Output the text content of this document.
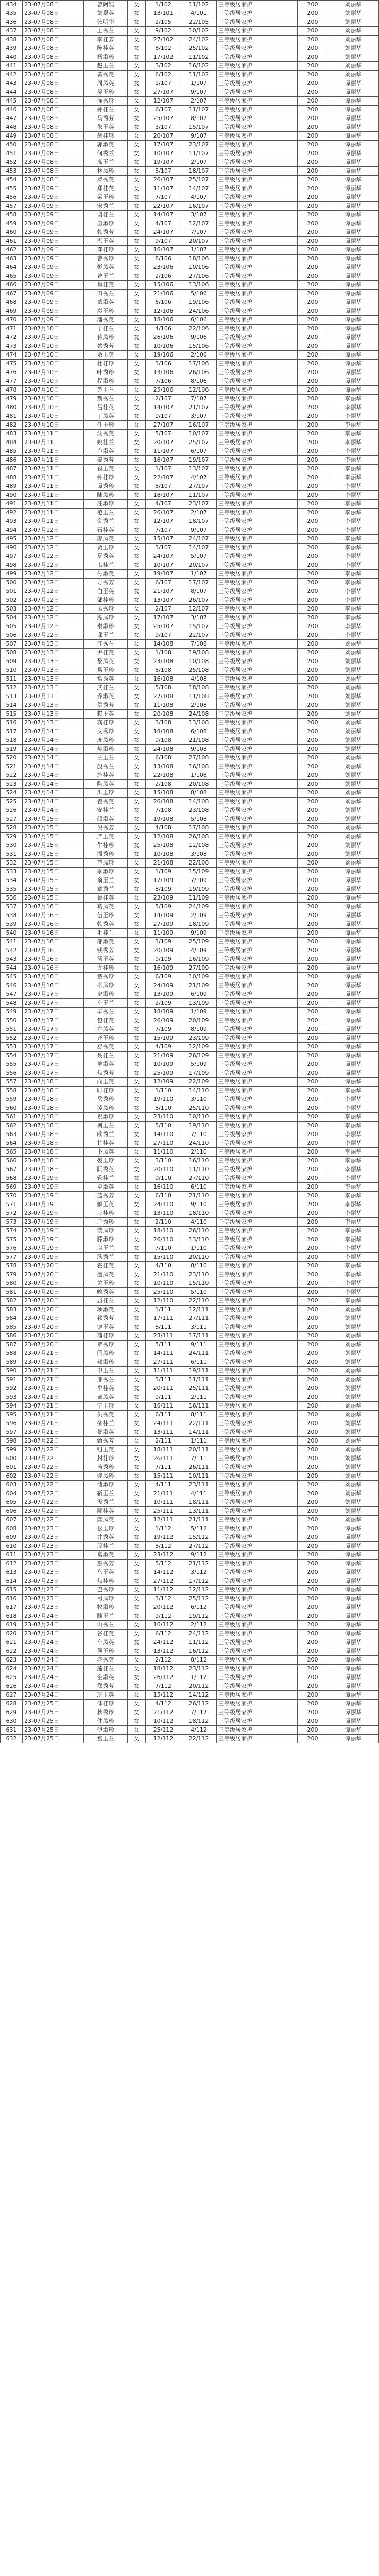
434	23-07月08日	曾阿姨	女	1/102	11/102	三等级居家护	200	刘丽华
435	23-07月08日	刘翠英	女	13/101	4/101	三等级居家护	200	刘丽华
436	23-07月08日	张明华	女	2/105	22/105	三等级居家护	200	刘丽华
437	23-07月08日	王秀兰	女	9/102	10/102	三等级居家护	200	刘丽华
438	23-07月08日	李桂芳	女	27/102	24/102	三等级居家护	200	刘丽华
439	23-07月08日	陈桂英	女	8/102	25/102	三等级居家护	200	刘丽华
440	23-07月08日	杨淑珍	女	17/102	11/102	三等级居家护	200	刘丽华
441	23-07月08日	赵玉兰	女	3/102	16/102	三等级居家护	200	刘丽华
442	23-07月08日	黄秀英	女	6/102	11/102	三等级居家护	200	刘丽华
443	23-07月08日	周凤英	女	1/107	1/107	三等级居家护	200	谭丽华
444	23-07月08日	吴玉珍	女	27/107	9/107	三等级居家护	200	谭丽华
445	23-07月08日	徐秀珍	女	12/107	2/107	三等级居家护	200	谭丽华
446	23-07月08日	孙桂兰	女	6/107	11/107	三等级居家护	200	谭丽华
447	23-07月08日	马秀芳	女	25/107	8/107	三等级居家护	200	谭丽华
448	23-07月08日	朱玉英	女	3/107	15/107	三等级居家护	200	谭丽华
449	23-07月08日	胡桂珍	女	20/107	9/107	三等级居家护	200	谭丽华
450	23-07月08日	郭淑英	女	17/107	23/107	三等级居家护	200	谭丽华
451	23-07月08日	何秀兰	女	10/107	11/107	三等级居家护	200	谭丽华
452	23-07月08日	高玉兰	女	19/107	2/107	三等级居家护	200	谭丽华
453	23-07月08日	林凤珍	女	5/107	18/107	三等级居家护	200	谭丽华
454	23-07月08日	罗秀英	女	26/107	25/107	三等级居家护	200	谭丽华
455	23-07月09日	郑桂英	女	11/107	14/107	三等级居家护	200	谭丽华
456	23-07月09日	梁玉珍	女	7/107	4/107	三等级居家护	200	谭丽华
457	23-07月09日	宋秀兰	女	22/107	16/107	三等级居家护	200	谭丽华
458	23-07月09日	谢桂兰	女	14/107	3/107	三等级居家护	200	谭丽华
459	23-07月09日	唐淑珍	女	4/107	12/107	三等级居家护	200	谭丽华
460	23-07月09日	韩秀芳	女	24/107	7/107	三等级居家护	200	谭丽华
461	23-07月09日	冯玉英	女	9/107	20/107	三等级居家护	200	谭丽华
462	23-07月09日	邓桂珍	女	16/107	1/107	三等级居家护	200	谭丽华
463	23-07月09日	曹秀珍	女	8/106	18/106	三等级居家护	200	谭丽华
464	23-07月09日	彭凤英	女	23/106	10/106	三等级居家护	200	谭丽华
465	23-07月09日	曾玉兰	女	2/106	27/106	三等级居家护	200	谭丽华
466	23-07月09日	肖桂英	女	15/106	13/106	三等级居家护	200	谭丽华
467	23-07月09日	田秀兰	女	21/106	5/106	三等级居家护	200	谭丽华
468	23-07月09日	董淑英	女	6/106	19/106	三等级居家护	200	谭丽华
469	23-07月09日	袁玉珍	女	12/106	24/106	三等级居家护	200	谭丽华
470	23-07月09日	潘秀英	女	18/106	6/106	三等级居家护	200	谭丽华
471	23-07月10日	于桂兰	女	4/106	22/106	三等级居家护	200	谭丽华
472	23-07月10日	蒋凤珍	女	26/106	9/106	三等级居家护	200	谭丽华
473	23-07月10日	蔡秀芳	女	10/106	15/106	三等级居家护	200	谭丽华
474	23-07月10日	余玉英	女	19/106	2/106	三等级居家护	200	谭丽华
475	23-07月10日	杜桂珍	女	3/106	17/106	三等级居家护	200	谭丽华
476	23-07月10日	叶秀珍	女	13/106	26/106	三等级居家护	200	谭丽华
477	23-07月10日	程淑珍	女	7/106	8/106	三等级居家护	200	谭丽华
478	23-07月10日	苏玉兰	女	25/106	12/106	三等级居家护	200	谭丽华
479	23-07月10日	魏秀兰	女	2/107	7/107	三等级居家护	200	李丽华
480	23-07月10日	吕桂英	女	14/107	21/107	三等级居家护	200	李丽华
481	23-07月10日	丁凤英	女	9/107	3/107	三等级居家护	200	李丽华
482	23-07月10日	任玉珍	女	27/107	16/107	三等级居家护	200	李丽华
483	23-07月11日	沈秀英	女	5/107	10/107	三等级居家护	200	李丽华
484	23-07月11日	姚桂兰	女	20/107	25/107	三等级居家护	200	李丽华
485	23-07月11日	卢淑英	女	11/107	6/107	三等级居家护	200	李丽华
486	23-07月11日	姜秀芳	女	16/107	19/107	三等级居家护	200	李丽华
487	23-07月11日	崔玉英	女	1/107	13/107	三等级居家护	200	李丽华
488	23-07月11日	钟桂珍	女	22/107	4/107	三等级居家护	200	李丽华
489	23-07月11日	谭秀珍	女	8/107	27/107	三等级居家护	200	李丽华
490	23-07月11日	陆凤珍	女	18/107	11/107	三等级居家护	200	李丽华
491	23-07月11日	汪淑珍	女	4/107	23/107	三等级居家护	200	李丽华
492	23-07月11日	范玉兰	女	26/107	2/107	三等级居家护	200	李丽华
493	23-07月11日	金秀兰	女	12/107	18/107	三等级居家护	200	李丽华
494	23-07月12日	石桂英	女	7/107	9/107	三等级居家护	200	李丽华
495	23-07月12日	廖凤英	女	15/107	24/107	三等级居家护	200	李丽华
496	23-07月12日	贾玉珍	女	3/107	14/107	三等级居家护	200	李丽华
497	23-07月12日	夏秀英	女	24/107	5/107	三等级居家护	200	李丽华
498	23-07月12日	韦桂兰	女	10/107	20/107	三等级居家护	200	李丽华
499	23-07月12日	付淑英	女	19/107	1/107	三等级居家护	200	李丽华
500	23-07月12日	方秀芳	女	6/107	17/107	三等级居家护	200	李丽华
501	23-07月12日	白玉英	女	21/107	8/107	三等级居家护	200	李丽华
502	23-07月12日	邹桂珍	女	13/107	26/107	三等级居家护	200	李丽华
503	23-07月12日	孟秀珍	女	2/107	12/107	三等级居家护	200	李丽华
504	23-07月12日	熊凤珍	女	17/107	3/107	三等级居家护	200	李丽华
505	23-07月12日	秦淑珍	女	25/107	15/107	三等级居家护	200	李丽华
506	23-07月12日	邱玉兰	女	9/107	22/107	三等级居家护	200	李丽华
507	23-07月13日	江秀兰	女	14/108	7/108	三等级居家护	200	刘丽华
508	23-07月13日	尹桂英	女	1/108	19/108	三等级居家护	200	刘丽华
509	23-07月13日	黎凤英	女	23/108	10/108	三等级居家护	200	刘丽华
510	23-07月13日	易玉珍	女	8/108	25/108	三等级居家护	200	刘丽华
511	23-07月13日	常秀英	女	16/108	4/108	三等级居家护	200	刘丽华
512	23-07月13日	武桂兰	女	5/108	18/108	三等级居家护	200	刘丽华
513	23-07月13日	乔淑英	女	27/108	11/108	三等级居家护	200	刘丽华
514	23-07月13日	贺秀芳	女	11/108	2/108	三等级居家护	200	刘丽华
515	23-07月13日	赖玉英	女	20/108	24/108	三等级居家护	200	刘丽华
516	23-07月13日	龚桂珍	女	3/108	13/108	三等级居家护	200	刘丽华
517	23-07月14日	文秀珍	女	18/108	6/108	三等级居家护	200	刘丽华
518	23-07月14日	庞凤珍	女	9/108	21/108	三等级居家护	200	刘丽华
519	23-07月14日	樊淑珍	女	24/108	9/108	三等级居家护	200	刘丽华
520	23-07月14日	兰玉兰	女	6/108	27/108	三等级居家护	200	刘丽华
521	23-07月14日	殷秀兰	女	13/108	16/108	三等级居家护	200	刘丽华
522	23-07月14日	施桂英	女	22/108	1/108	三等级居家护	200	刘丽华
523	23-07月14日	陶凤英	女	2/108	20/108	三等级居家护	200	刘丽华
524	23-07月14日	洪玉珍	女	15/108	8/108	三等级居家护	200	刘丽华
525	23-07月14日	翟秀英	女	26/108	14/108	三等级居家护	200	刘丽华
526	23-07月14日	安桂兰	女	7/108	23/108	三等级居家护	200	刘丽华
527	23-07月15日	颜淑英	女	19/108	5/108	三等级居家护	200	刘丽华
528	23-07月15日	倪秀芳	女	4/108	17/108	三等级居家护	200	刘丽华
529	23-07月15日	严玉英	女	12/108	26/108	三等级居家护	200	刘丽华
530	23-07月15日	牛桂珍	女	25/108	12/108	三等级居家护	200	刘丽华
531	23-07月15日	温秀珍	女	10/108	3/108	三等级居家护	200	刘丽华
532	23-07月15日	芦凤珍	女	21/108	22/108	三等级居家护	200	刘丽华
533	23-07月15日	季淑珍	女	1/109	15/109	三等级居家护	200	谭丽华
534	23-07月15日	俞玉兰	女	17/109	7/109	三等级居家护	200	谭丽华
535	23-07月15日	章秀兰	女	8/109	19/109	三等级居家护	200	谭丽华
536	23-07月15日	鲁桂英	女	23/109	11/109	三等级居家护	200	谭丽华
537	23-07月16日	葛凤英	女	5/109	24/109	三等级居家护	200	谭丽华
538	23-07月16日	伍玉珍	女	14/109	2/109	三等级居家护	200	谭丽华
539	23-07月16日	韩秀英	女	27/109	18/109	三等级居家护	200	谭丽华
540	23-07月16日	毛桂兰	女	11/109	9/109	三等级居家护	200	谭丽华
541	23-07月16日	邵淑英	女	3/109	25/109	三等级居家护	200	谭丽华
542	23-07月16日	钱秀芳	女	20/109	4/109	三等级居家护	200	谭丽华
543	23-07月16日	汤玉英	女	9/109	16/109	三等级居家护	200	谭丽华
544	23-07月16日	尤桂珍	女	16/109	27/109	三等级居家护	200	谭丽华
545	23-07月16日	戴秀珍	女	6/109	10/109	三等级居家护	200	谭丽华
546	23-07月16日	柳凤珍	女	24/109	21/109	三等级居家护	200	谭丽华
547	23-07月17日	史淑珍	女	13/109	6/109	三等级居家护	200	谭丽华
548	23-07月17日	车玉兰	女	2/109	13/109	三等级居家护	200	谭丽华
549	23-07月17日	毕秀兰	女	18/109	1/109	三等级居家护	200	谭丽华
550	23-07月17日	包桂英	女	26/109	20/109	三等级居家护	200	谭丽华
551	23-07月17日	左凤英	女	7/109	8/109	三等级居家护	200	谭丽华
552	23-07月17日	齐玉珍	女	15/109	23/109	三等级居家护	200	谭丽华
553	23-07月17日	舒秀英	女	4/109	12/109	三等级居家护	200	谭丽华
554	23-07月17日	聂桂兰	女	21/109	26/109	三等级居家护	200	谭丽华
555	23-07月17日	单淑英	女	10/109	5/109	三等级居家护	200	谭丽华
556	23-07月17日	焦秀芳	女	25/109	17/109	三等级居家护	200	谭丽华
557	23-07月18日	向玉英	女	12/109	22/109	三等级居家护	200	谭丽华
558	23-07月18日	时桂珍	女	1/110	14/110	三等级居家护	200	李丽华
559	23-07月18日	岳秀珍	女	19/110	3/110	三等级居家护	200	李丽华
560	23-07月18日	凌凤珍	女	8/110	25/110	三等级居家护	200	李丽华
561	23-07月18日	祝淑珍	女	23/110	10/110	三等级居家护	200	李丽华
562	23-07月18日	柯玉兰	女	5/110	19/110	三等级居家护	200	李丽华
563	23-07月18日	欧秀兰	女	14/110	7/110	三等级居家护	200	李丽华
564	23-07月18日	甘桂英	女	27/110	24/110	三等级居家护	200	李丽华
565	23-07月18日	卜凤英	女	11/110	2/110	三等级居家护	200	李丽华
566	23-07月18日	晏玉珍	女	3/110	16/110	三等级居家护	200	李丽华
567	23-07月18日	阮秀英	女	20/110	11/110	三等级居家护	200	李丽华
568	23-07月19日	管桂兰	女	9/110	27/110	三等级居家护	200	李丽华
569	23-07月19日	卓淑英	女	16/110	6/110	三等级居家护	200	李丽华
570	23-07月19日	蓝秀芳	女	6/110	21/110	三等级居家护	200	李丽华
571	23-07月19日	解玉英	女	24/110	9/110	三等级居家护	200	李丽华
572	23-07月19日	应桂珍	女	13/110	18/110	三等级居家护	200	李丽华
573	23-07月19日	庄秀珍	女	2/110	4/110	三等级居家护	200	李丽华
574	23-07月19日	裴凤珍	女	18/110	26/110	三等级居家护	200	李丽华
575	23-07月19日	滕淑珍	女	26/110	13/110	三等级居家护	200	李丽华
576	23-07月19日	房玉兰	女	7/110	1/110	三等级居家护	200	李丽华
577	23-07月19日	耿秀兰	女	15/110	20/110	三等级居家护	200	李丽华
578	23-07月20日	霍桂英	女	4/110	8/110	三等级居家护	200	李丽华
579	23-07月20日	盛凤英	女	21/110	23/110	三等级居家护	200	李丽华
580	23-07月20日	关玉珍	女	10/110	15/110	三等级居家护	200	李丽华
581	23-07月20日	喻秀英	女	25/110	5/110	三等级居家护	200	李丽华
582	23-07月20日	屈桂兰	女	12/110	22/110	三等级居家护	200	李丽华
583	23-07月20日	项淑英	女	1/111	12/111	三等级居家护	200	刘丽华
584	23-07月20日	祁秀芳	女	17/111	27/111	三等级居家护	200	刘丽华
585	23-07月20日	饶玉英	女	8/111	3/111	三等级居家护	200	刘丽华
586	23-07月20日	蒲桂珍	女	23/111	17/111	三等级居家护	200	刘丽华
587	23-07月20日	覃秀珍	女	5/111	9/111	三等级居家护	200	刘丽华
588	23-07月21日	闫凤珍	女	14/111	24/111	三等级居家护	200	刘丽华
589	23-07月21日	郝淑珍	女	27/111	6/111	三等级居家护	200	刘丽华
590	23-07月21日	申玉兰	女	11/111	19/111	三等级居家护	200	刘丽华
591	23-07月21日	邢秀兰	女	3/111	11/111	三等级居家护	200	刘丽华
592	23-07月21日	牟桂英	女	20/111	25/111	三等级居家护	200	刘丽华
593	23-07月21日	童凤英	女	9/111	2/111	三等级居家护	200	刘丽华
594	23-07月21日	宁玉珍	女	16/111	16/111	三等级居家护	200	刘丽华
595	23-07月21日	仇秀英	女	6/111	8/111	三等级居家护	200	刘丽华
596	23-07月21日	栾桂兰	女	24/111	22/111	三等级居家护	200	刘丽华
597	23-07月21日	暴淑英	女	13/111	14/111	三等级居家护	200	刘丽华
598	23-07月22日	甄秀芳	女	2/111	1/111	三等级居家护	200	刘丽华
599	23-07月22日	钮玉英	女	18/111	20/111	三等级居家护	200	刘丽华
600	23-07月22日	封桂珍	女	26/111	7/111	三等级居家护	200	刘丽华
601	23-07月22日	芮秀珍	女	7/111	26/111	三等级居家护	200	刘丽华
602	23-07月22日	羿凤珍	女	15/111	10/111	三等级居家护	200	刘丽华
603	23-07月22日	储淑珍	女	4/111	23/111	三等级居家护	200	刘丽华
604	23-07月22日	靳玉兰	女	21/111	4/111	三等级居家护	200	刘丽华
605	23-07月22日	汲秀兰	女	10/111	18/111	三等级居家护	200	刘丽华
606	23-07月22日	邴桂英	女	25/111	13/111	三等级居家护	200	刘丽华
607	23-07月22日	糜凤英	女	12/111	21/111	三等级居家护	200	刘丽华
608	23-07月23日	松玉珍	女	1/112	5/112	三等级居家护	200	谭丽华
609	23-07月23日	井秀英	女	19/112	15/112	三等级居家护	200	谭丽华
610	23-07月23日	段桂兰	女	8/112	27/112	三等级居家护	200	谭丽华
611	23-07月23日	富淑英	女	23/112	9/112	三等级居家护	200	谭丽华
612	23-07月23日	巫秀芳	女	5/112	21/112	三等级居家护	200	谭丽华
613	23-07月23日	乌玉英	女	14/112	3/112	三等级居家护	200	谭丽华
614	23-07月23日	焦桂珍	女	27/112	17/112	三等级居家护	200	谭丽华
615	23-07月23日	巴秀珍	女	11/112	12/112	三等级居家护	200	谭丽华
616	23-07月23日	弓凤珍	女	3/112	25/112	三等级居家护	200	谭丽华
617	23-07月23日	牧淑珍	女	20/112	6/112	三等级居家护	200	谭丽华
618	23-07月24日	隗玉兰	女	9/112	19/112	三等级居家护	200	谭丽华
619	23-07月24日	山秀兰	女	16/112	2/112	三等级居家护	200	谭丽华
620	23-07月24日	谷桂英	女	6/112	24/112	三等级居家护	200	谭丽华
621	23-07月24日	车凤英	女	24/112	11/112	三等级居家护	200	谭丽华
622	23-07月24日	侯玉珍	女	13/112	16/112	三等级居家护	200	谭丽华
623	23-07月24日	宓秀英	女	2/112	8/112	三等级居家护	200	谭丽华
624	23-07月24日	蓬桂兰	女	18/112	23/112	三等级居家护	200	谭丽华
625	23-07月24日	全淑英	女	26/112	1/112	三等级居家护	200	谭丽华
626	23-07月24日	郗秀芳	女	7/112	20/112	三等级居家护	200	谭丽华
627	23-07月24日	班玉英	女	15/112	14/112	三等级居家护	200	谭丽华
628	23-07月25日	仰桂珍	女	4/112	26/112	三等级居家护	200	谭丽华
629	23-07月25日	秋秀珍	女	21/112	7/112	三等级居家护	200	谭丽华
630	23-07月25日	仲凤珍	女	10/112	18/112	三等级居家护	200	谭丽华
631	23-07月25日	伊淑珍	女	25/112	4/112	三等级居家护	200	谭丽华
632	23-07月25日	宫玉兰	女	12/112	22/112	三等级居家护	200	谭丽华
